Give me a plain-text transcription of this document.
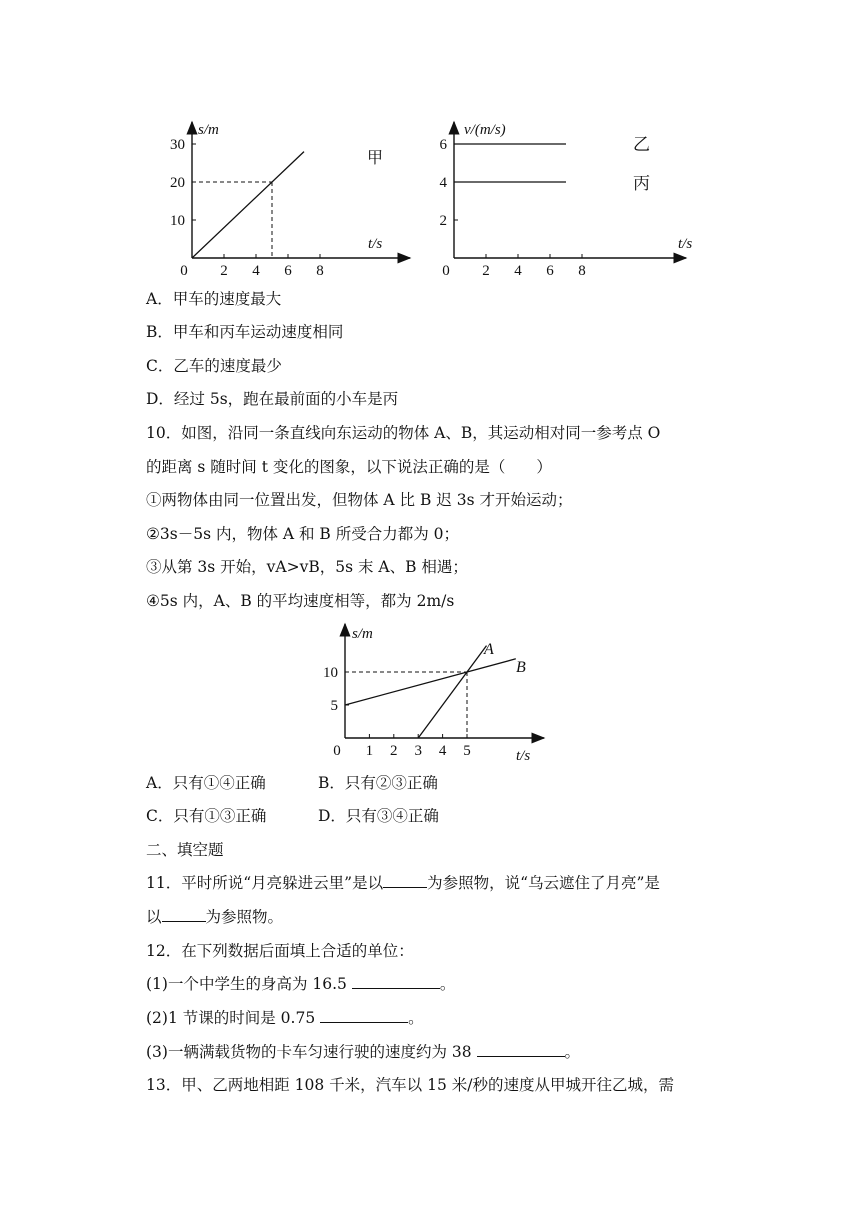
0 2 4 6 8
10
20
30
s/m
t/s
甲
0 2 4 6 8
2
4
6
v/(m/s)
t/s
乙
丙
A．甲车的速度最大
B．甲车和丙车运动速度相同
C．乙车的速度最少
D．经过 5s，跑在最前面的小车是丙
10．如图，沿同一条直线向东运动的物体 A、B，其运动相对同一参考点 O
的距离 s 随时间 t 变化的图象，以下说法正确的是（　　）
①两物体由同一位置出发，但物体 A 比 B 迟 3s 才开始运动；
②3s－5s 内，物体 A 和 B 所受合力都为 0；
③从第 3s 开始，vA>vB，5s 末 A、B 相遇；
④5s 内，A、B 的平均速度相等，都为 2m/s
0 1 2 3 4 5
5
10
s/m
t/s
A
B
A．只有①④正确	B．只有②③正确
C．只有①③正确	D．只有③④正确
二、填空题
11．平时所说“月亮躲进云里”是以	为参照物，说“乌云遮住了月亮”是
以	为参照物。
12．在下列数据后面填上合适的单位：
(1)一个中学生的身高为 16.5	。
(2)1 节课的时间是 0.75	。
(3)一辆满载货物的卡车匀速行驶的速度约为 38	。
13．甲、乙两地相距 108 千米，汽车以 15 米/秒的速度从甲城开往乙城，需
